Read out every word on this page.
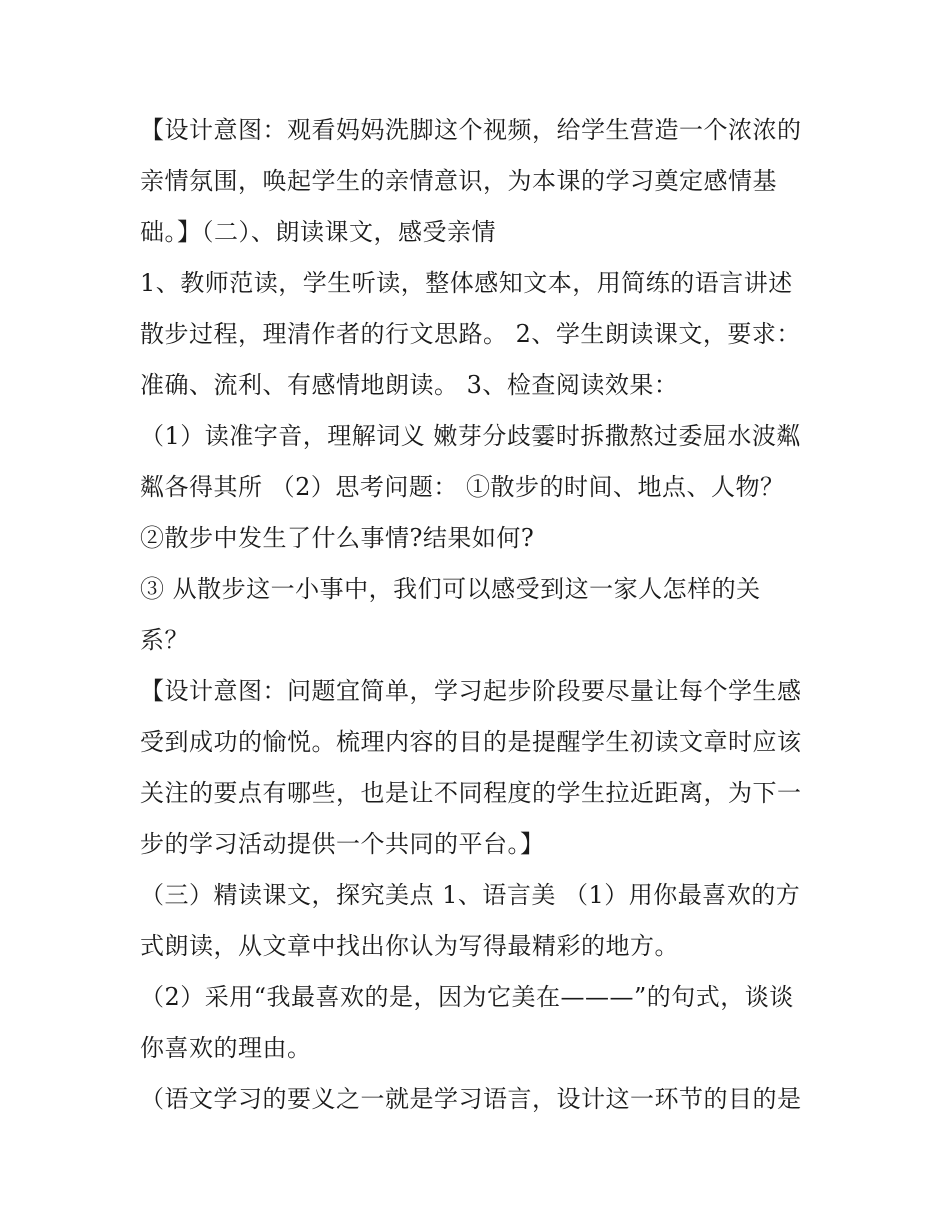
【设计意图：观看妈妈洗脚这个视频，给学生营造一个浓浓的
亲情氛围，唤起学生的亲情意识，为本课的学习奠定感情基
础。】（二）、朗读课文，感受亲情
1、教师范读，学生听读，整体感知文本，用简练的语言讲述
散步过程，理清作者的行文思路。 2、学生朗读课文，要求：
准确、流利、有感情地朗读。 3、检查阅读效果：
（1）读准字音，理解词义 嫩芽分歧霎时拆撒熬过委屈水波粼
粼各得其所 （2）思考问题： ①散步的时间、地点、人物？
②散步中发生了什么事情?结果如何?
③ 从散步这一小事中，我们可以感受到这一家人怎样的关
系？
【设计意图：问题宜简单，学习起步阶段要尽量让每个学生感
受到成功的愉悦。梳理内容的目的是提醒学生初读文章时应该
关注的要点有哪些，也是让不同程度的学生拉近距离，为下一
步的学习活动提供一个共同的平台。】
（三）精读课文，探究美点 1、语言美 （1）用你最喜欢的方
式朗读，从文章中找出你认为写得最精彩的地方。
（2）采用“我最喜欢的是，因为它美在———”的句式，谈谈
你喜欢的理由。
（语文学习的要义之一就是学习语言，设计这一环节的目的是
